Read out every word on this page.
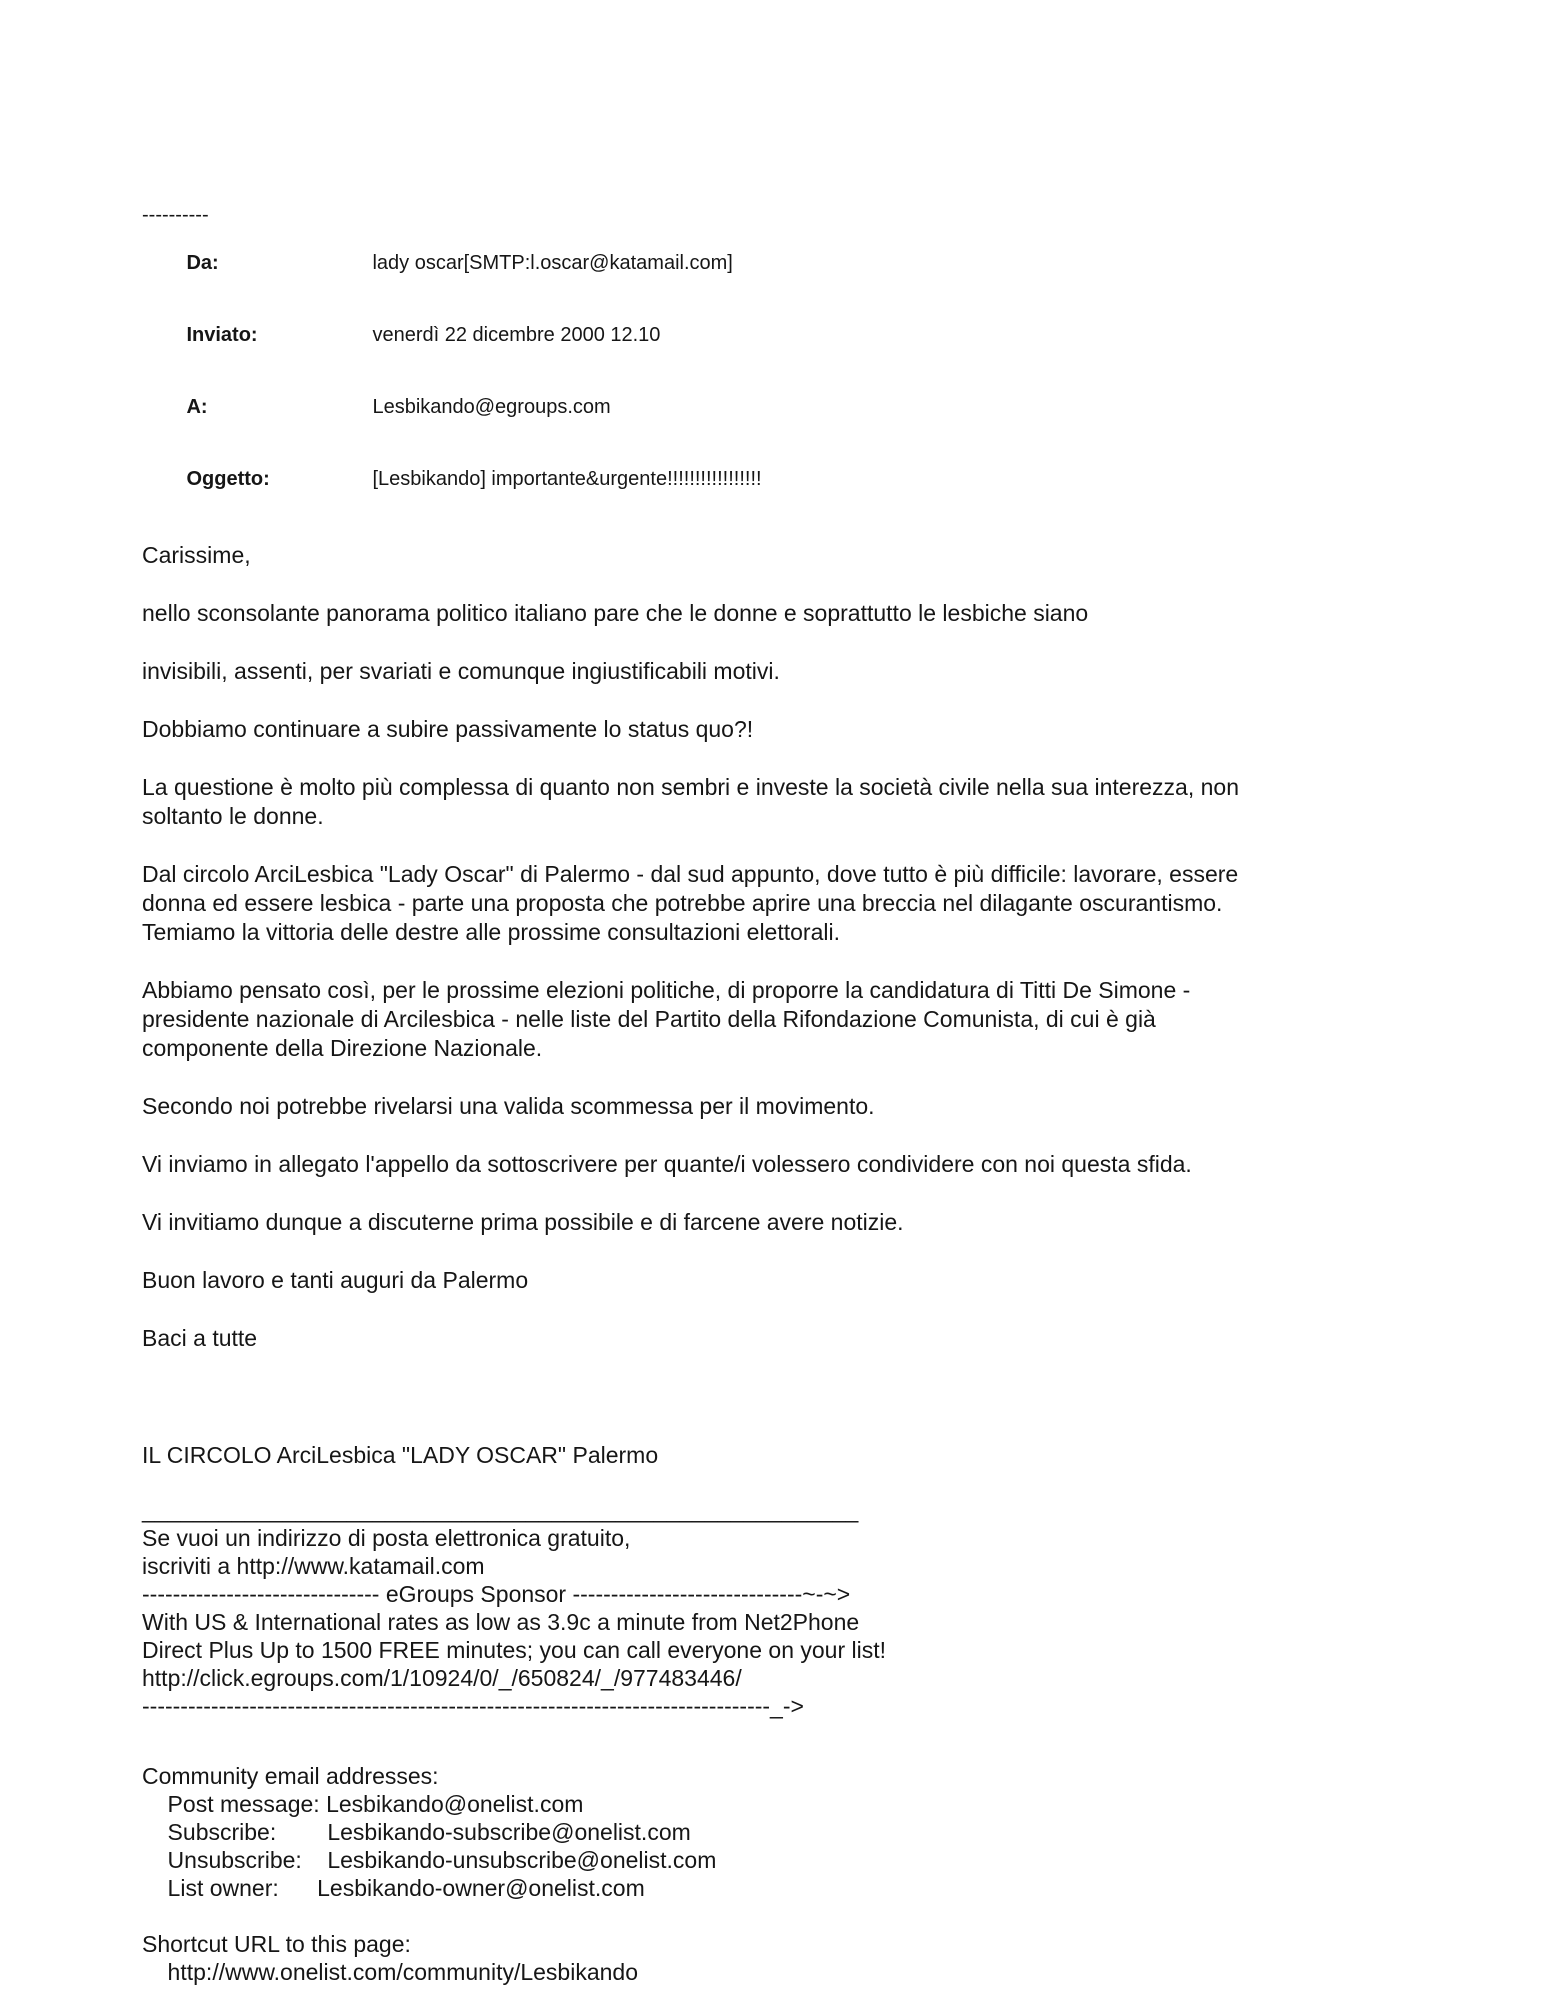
----------

Da:	lady oscar[SMTP:l.oscar@katamail.com]

Inviato:	venerdì 22 dicembre 2000 12.10

A:	Lesbikando@egroups.com

Oggetto:	[Lesbikando] importante&urgente!!!!!!!!!!!!!!!!!

Carissime,
nello sconsolante panorama politico italiano pare che le donne e soprattutto le lesbiche siano
invisibili, assenti, per svariati e comunque ingiustificabili motivi.
Dobbiamo continuare a subire passivamente lo status quo?!
La questione è molto più complessa di quanto non sembri e investe la società civile nella sua interezza, non
soltanto le donne.
Dal circolo ArciLesbica "Lady Oscar" di Palermo - dal sud appunto, dove tutto è più difficile: lavorare, essere
donna ed essere lesbica - parte una proposta che potrebbe aprire una breccia nel dilagante oscurantismo.
Temiamo la vittoria delle destre alle prossime consultazioni elettorali.
Abbiamo pensato così, per le prossime elezioni politiche, di proporre la candidatura di Titti De Simone -
presidente nazionale di Arcilesbica - nelle liste del Partito della Rifondazione Comunista, di cui è già
componente della Direzione Nazionale.
Secondo noi potrebbe rivelarsi una valida scommessa per il movimento.
Vi inviamo in allegato l'appello da sottoscrivere per quante/i volessero condividere con noi questa sfida.
Vi invitiamo dunque a discuterne prima possibile e di farcene avere notizie.
Buon lavoro e tanti auguri da Palermo
Baci a tutte
IL CIRCOLO ArciLesbica "LADY OSCAR" Palermo
________________________________________________________
Se vuoi un indirizzo di posta elettronica gratuito,
iscriviti a http://www.katamail.com
------------------------------- eGroups Sponsor ------------------------------~-~>
With US & International rates as low as 3.9c a minute from Net2Phone
Direct Plus Up to 1500 FREE minutes; you can call everyone on your list!
http://click.egroups.com/1/10924/0/_/650824/_/977483446/
----------------------------------------------------------------------------------_->
Community email addresses:
Post message: Lesbikando@onelist.com
Subscribe:        Lesbikando-subscribe@onelist.com
Unsubscribe:    Lesbikando-unsubscribe@onelist.com
List owner:      Lesbikando-owner@onelist.com
Shortcut URL to this page:
http://www.onelist.com/community/Lesbikando
